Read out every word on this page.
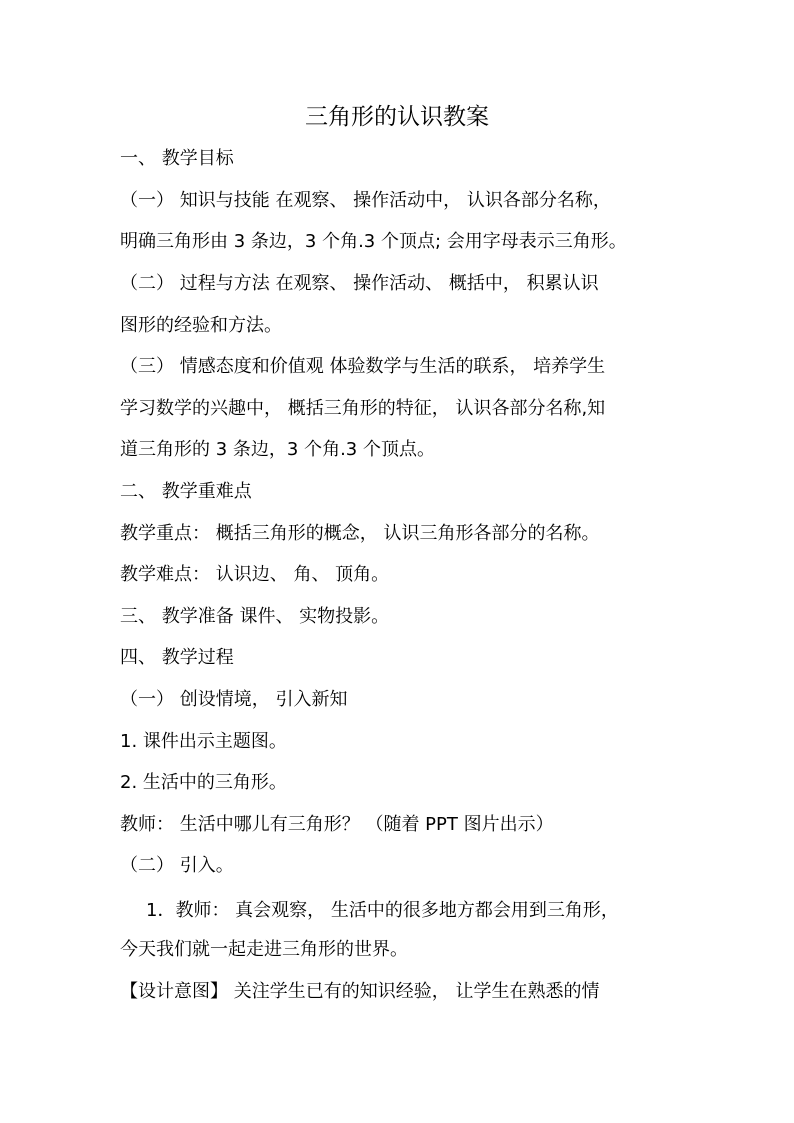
三角形的认识教案
一、 教学目标
（一） 知识与技能 在观察、 操作活动中， 认识各部分名称，
明确三角形由 3 条边，3 个角.3 个顶点; 会用字母表示三角形。
（二） 过程与方法 在观察、 操作活动、 概括中， 积累认识
图形的经验和方法。
（三） 情感态度和价值观 体验数学与生活的联系， 培养学生
学习数学的兴趣中， 概括三角形的特征， 认识各部分名称,知
道三角形的 3 条边，3 个角.3 个顶点。
二、 教学重难点
教学重点： 概括三角形的概念， 认识三角形各部分的名称。
教学难点： 认识边、 角、 顶角。
三、 教学准备 课件、 实物投影。
四、 教学过程
（一） 创设情境， 引入新知
1. 课件出示主题图。
2. 生活中的三角形。
教师： 生活中哪儿有三角形？ （随着 PPT 图片出示）
（二） 引入。
1．教师： 真会观察， 生活中的很多地方都会用到三角形，
今天我们就一起走进三角形的世界。
【设计意图】 关注学生已有的知识经验， 让学生在熟悉的情
